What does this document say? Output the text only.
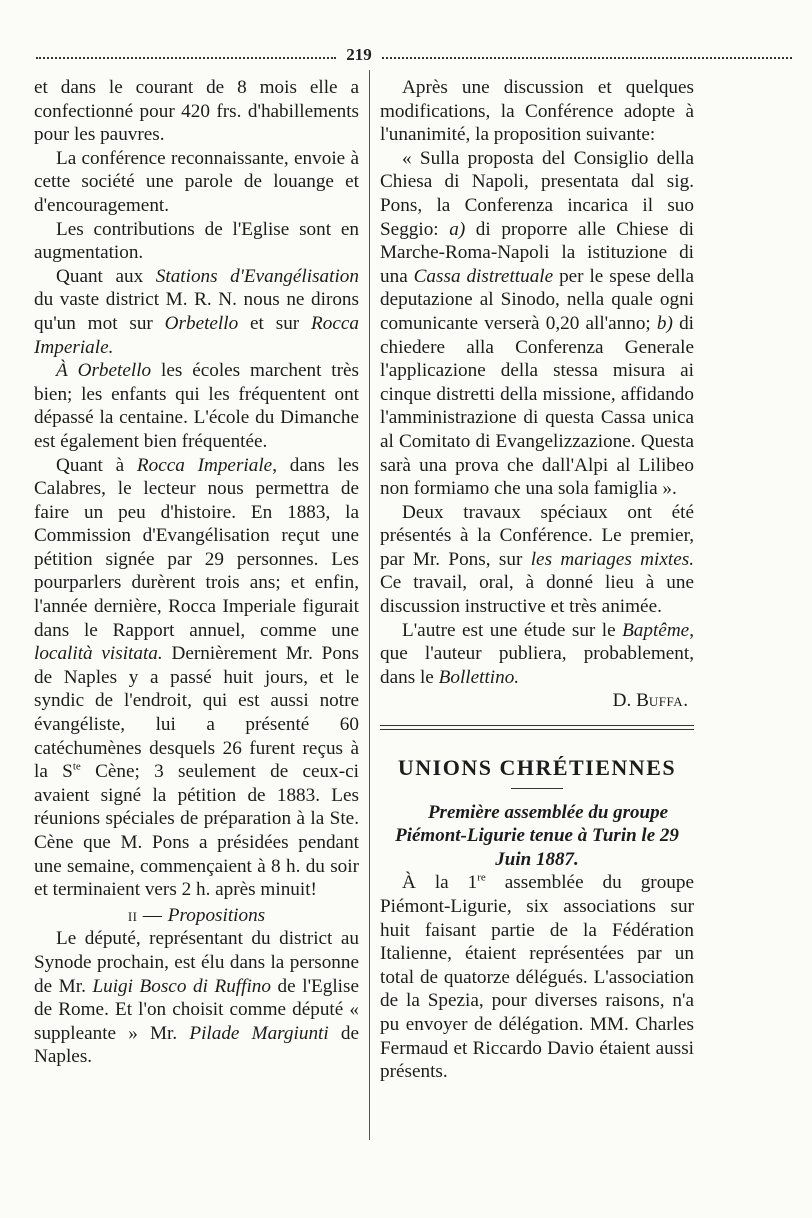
219

et dans le courant de 8 mois elle a confectionné pour 420 frs. d'habillements pour les pauvres.

La conférence reconnaissante, envoie à cette société une parole de louange et d'encouragement.

Les contributions de l'Eglise sont en augmentation.

Quant aux Stations d'Evangélisation du vaste district M. R. N. nous ne dirons qu'un mot sur Orbetello et sur Rocca Imperiale.

À Orbetello les écoles marchent très bien; les enfants qui les fréquentent ont dépassé la centaine. L'école du Dimanche est également bien fréquentée.

Quant à Rocca Imperiale, dans les Calabres, le lecteur nous permettra de faire un peu d'histoire. En 1883, la Commission d'Evangélisation reçut une pétition signée par 29 personnes. Les pourparlers durèrent trois ans; et enfin, l'année dernière, Rocca Imperiale figurait dans le Rapport annuel, comme une località visitata. Dernièrement Mr. Pons de Naples y a passé huit jours, et le syndic de l'endroit, qui est aussi notre évangéliste, lui a présenté 60 catéchumènes desquels 26 furent reçus à la $S^{te}$ Cène; 3 seulement de ceux-ci avaient signé la pétition de 1883. Les réunions spéciales de préparation à la Ste. Cène que M. Pons a présidées pendant une semaine, commençaient à 8 h. du soir et terminaient vers 2 h. après minuit!

ii — Propositions

Le député, représentant du district au Synode prochain, est élu dans la personne de Mr. Luigi Bosco di Ruffino de l'Eglise de Rome. Et l'on choisit comme député « suppleante » Mr. Pilade Margiunti de Naples.

Après une discussion et quelques modifications, la Conférence adopte à l'unanimité, la proposition suivante:

« Sulla proposta del Consiglio della Chiesa di Napoli, presentata dal sig. Pons, la Conferenza incarica il suo Seggio: a) di proporre alle Chiese di Marche-Roma-Napoli la istituzione di una Cassa distrettuale per le spese della deputazione al Sinodo, nella quale ogni comunicante verserà 0,20 all'anno; b) di chiedere alla Conferenza Generale l'applicazione della stessa misura ai cinque distretti della missione, affidando l'amministrazione di questa Cassa unica al Comitato di Evangelizzazione. Questa sarà una prova che dall'Alpi al Lilibeo non formiamo che una sola famiglia ».

Deux travaux spéciaux ont été présentés à la Conférence. Le premier, par Mr. Pons, sur les mariages mixtes. Ce travail, oral, à donné lieu à une discussion instructive et très animée.

L'autre est une étude sur le Baptême, que l'auteur publiera, probablement, dans le Bollettino.

D. Buffa.

UNIONS CHRÉTIENNES

Première assemblée du groupe Piémont-Ligurie tenue à Turin le 29 Juin 1887.

À la 1re assemblée du groupe Piémont-Ligurie, six associations sur huit faisant partie de la Fédération Italienne, étaient représentées par un total de quatorze délégués. L'association de la Spezia, pour diverses raisons, n'a pu envoyer de délégation. MM. Charles Fermaud et Riccardo Davio étaient aussi présents.
